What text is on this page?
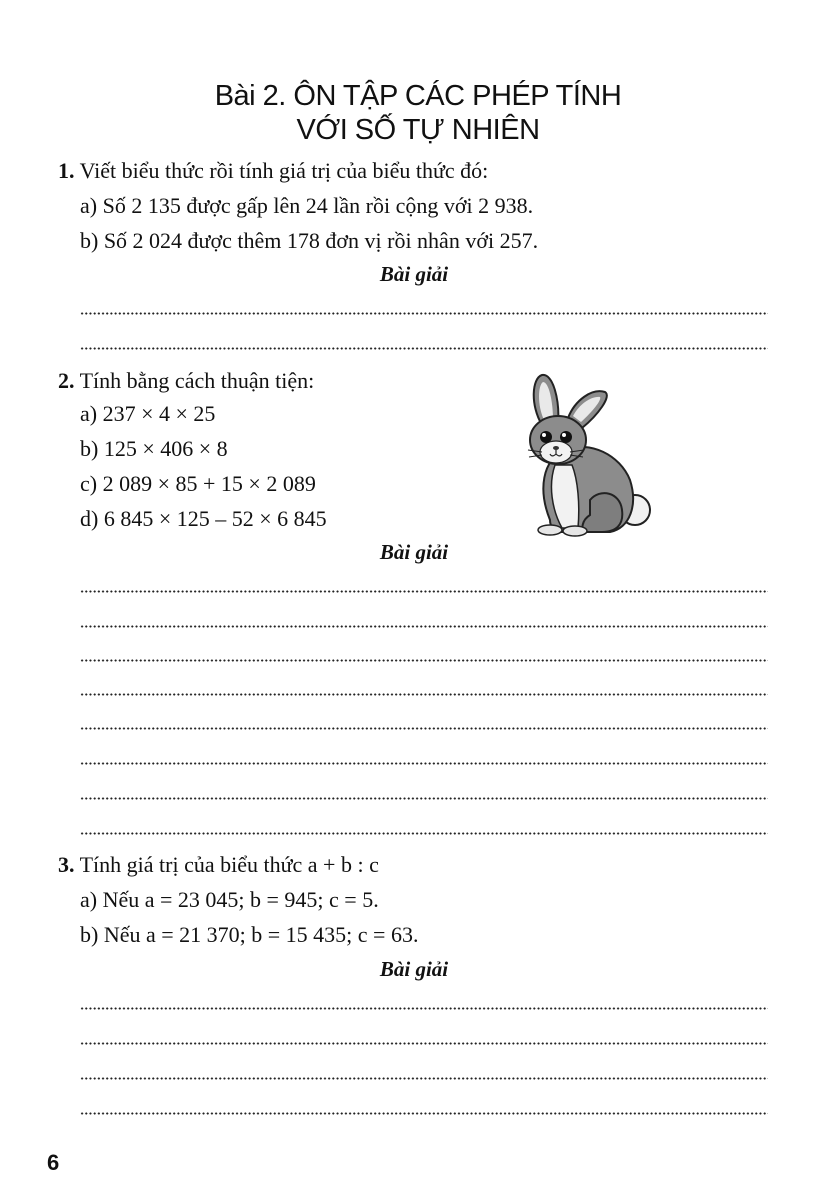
Bài 2. ÔN TẬP CÁC PHÉP TÍNH
VỚI SỐ TỰ NHIÊN
1. Viết biểu thức rồi tính giá trị của biểu thức đó:
a) Số 2 135 được gấp lên 24 lần rồi cộng với 2 938.
b) Số 2 024 được thêm 178 đơn vị rồi nhân với 257.
Bài giải
2. Tính bằng cách thuận tiện:
a) 237 × 4 × 25
b) 125 × 406 × 8
c) 2 089 × 85 + 15 × 2 089
d) 6 845 × 125 – 52 × 6 845
Bài giải
3. Tính giá trị của biểu thức a + b : c
a) Nếu a = 23 045; b = 945; c = 5.
b) Nếu a = 21 370; b = 15 435; c = 63.
Bài giải
6
